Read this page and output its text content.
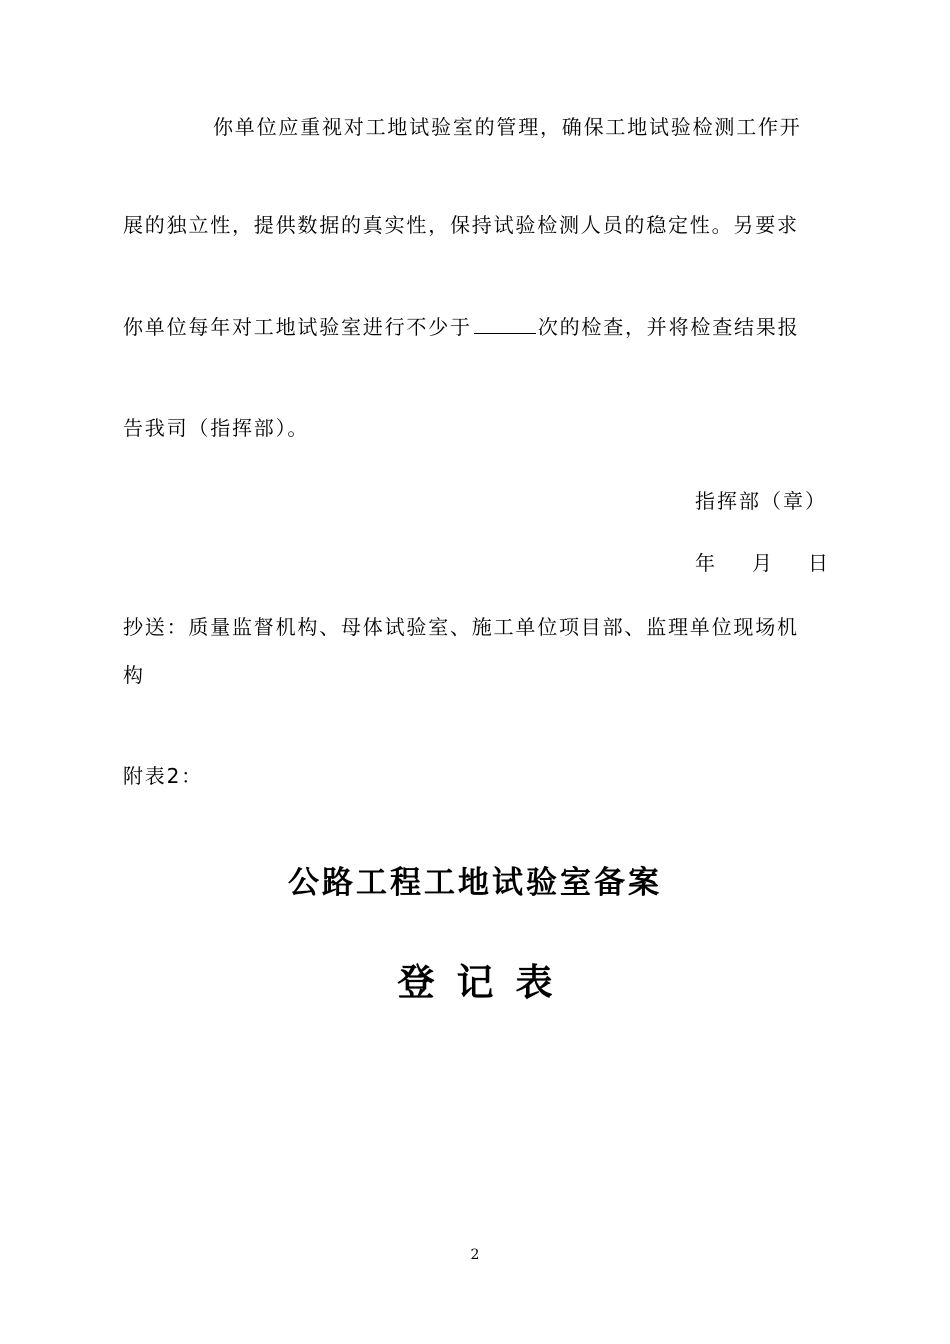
你单位应重视对工地试验室的管理，确保工地试验检测工作开
展的独立性，提供数据的真实性，保持试验检测人员的稳定性。另要求
你单位每年对工地试验室进行不少于	次的检查，并将检查结果报
告我司（指挥部）。
指挥部（章）
年 月 日
抄送：质量监督机构、母体试验室、施工单位项目部、监理单位现场机
构
附表2：
公路工程工地试验室备案
登记表
2
